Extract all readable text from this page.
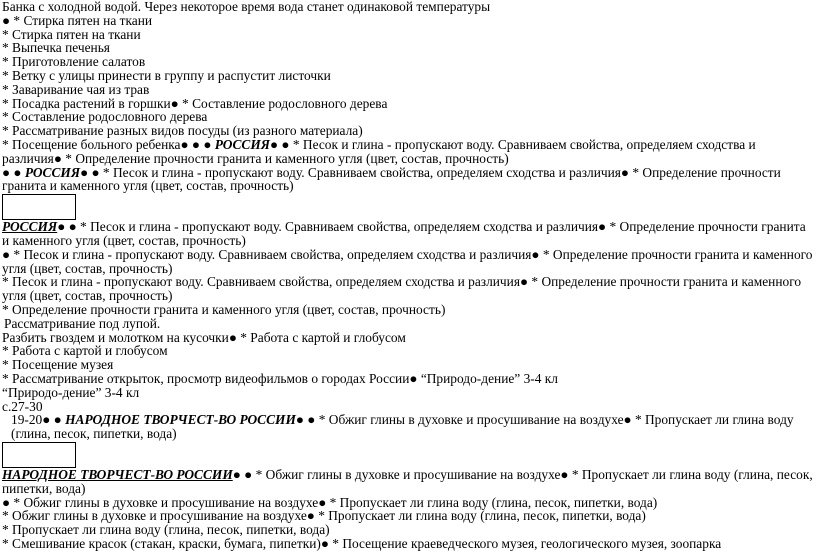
Банка с холодной водой. Через некоторое время вода станет одинаковой температуры
● * Стирка пятен на ткани
* Стирка пятен на ткани
* Выпечка печенья
* Приготовление салатов
* Ветку с улицы принести в группу и распустит листочки
* Заваривание чая из трав
* Посадка растений в горшки● * Составление родословного дерева
* Составление родословного дерева
* Рассматривание разных видов посуды (из разного материала)
* Посещение больного ребенка● ● ● РОССИЯ● ● * Песок и глина - пропускают воду. Сравниваем свойства, определяем сходства и различия● * Определение прочности гранита и каменного угля (цвет, состав, прочность)
● ● РОССИЯ● ● * Песок и глина - пропускают воду. Сравниваем свойства, определяем сходства и различия● * Определение прочности гранита и каменного угля (цвет, состав, прочность)
РОССИЯ● ● * Песок и глина - пропускают воду. Сравниваем свойства, определяем сходства и различия● * Определение прочности гранита и каменного угля (цвет, состав, прочность)
● * Песок и глина - пропускают воду. Сравниваем свойства, определяем сходства и различия● * Определение прочности гранита и каменного угля (цвет, состав, прочность)
* Песок и глина - пропускают воду. Сравниваем свойства, определяем сходства и различия● * Определение прочности гранита и каменного угля (цвет, состав, прочность)
* Определение прочности гранита и каменного угля (цвет, состав, прочность)
Рассматривание под лупой.
Разбить гвоздем и молотком на кусочки● * Работа с картой и глобусом
* Работа с картой и глобусом
* Посещение музея
* Рассматривание открыток, просмотр видеофильмов о городах России● “Природо-дение” 3-4 кл
“Природо-дение” 3-4 кл
с.27-30
19-20● ● НАРОДНОЕ ТВОРЧЕСТ-ВО РОССИИ● ● * Обжиг глины в духовке и просушивание на воздухе● * Пропускает ли глина воду (глина, песок, пипетки, вода)
НАРОДНОЕ ТВОРЧЕСТ-ВО РОССИИ● ● * Обжиг глины в духовке и просушивание на воздухе● * Пропускает ли глина воду (глина, песок, пипетки, вода)
● * Обжиг глины в духовке и просушивание на воздухе● * Пропускает ли глина воду (глина, песок, пипетки, вода)
* Обжиг глины в духовке и просушивание на воздухе● * Пропускает ли глина воду (глина, песок, пипетки, вода)
* Пропускает ли глина воду (глина, песок, пипетки, вода)
* Смешивание красок (стакан, краски, бумага, пипетки)● * Посещение краеведческого музея, геологического музея, зоопарка
